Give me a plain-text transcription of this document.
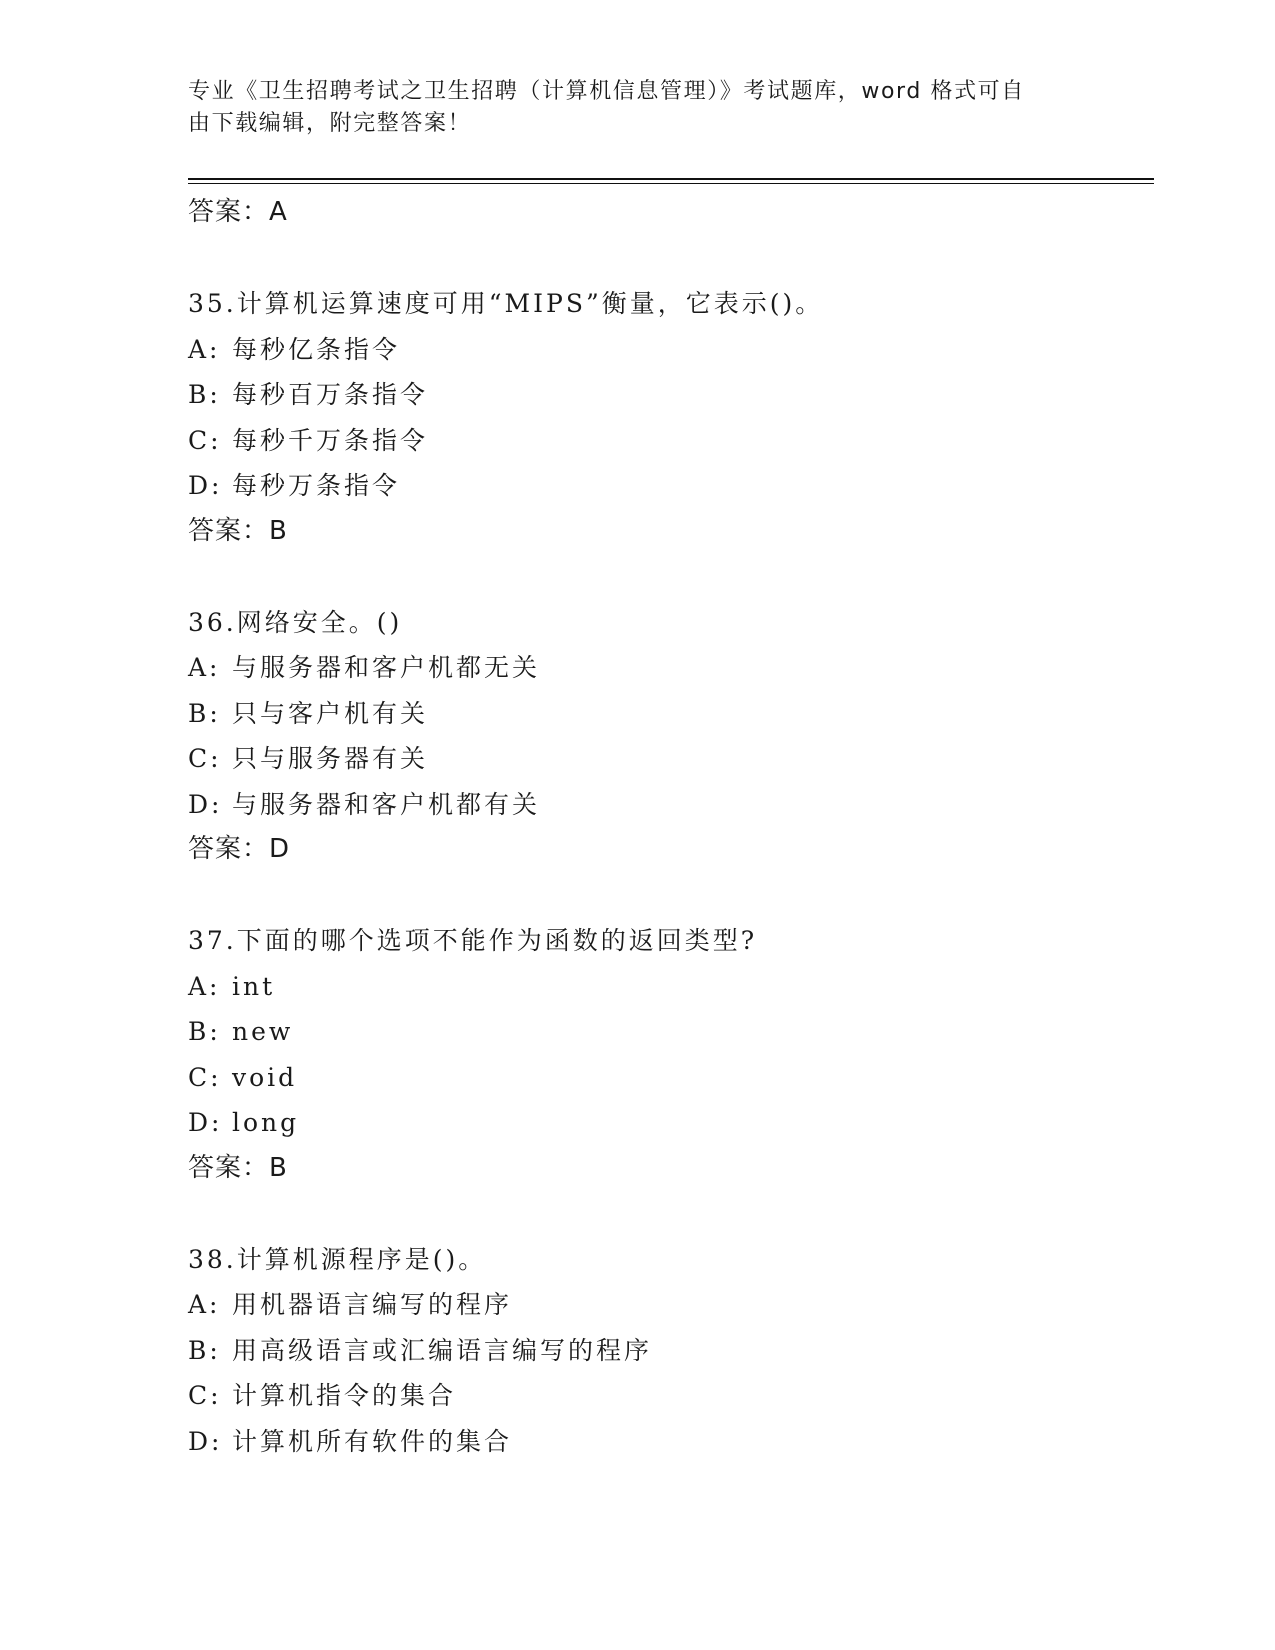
专业《卫生招聘考试之卫生招聘（计算机信息管理）》考试题库，word 格式可自
由下载编辑，附完整答案！
答案：A
35.计算机运算速度可用“MIPS”衡量，它表示()。
A: 每秒亿条指令
B: 每秒百万条指令
C: 每秒千万条指令
D: 每秒万条指令
答案：B
36.网络安全。()
A: 与服务器和客户机都无关
B: 只与客户机有关
C: 只与服务器有关
D: 与服务器和客户机都有关
答案：D
37.下面的哪个选项不能作为函数的返回类型?
A: int
B: new
C: void
D: long
答案：B
38.计算机源程序是()。
A: 用机器语言编写的程序
B: 用高级语言或汇编语言编写的程序
C: 计算机指令的集合
D: 计算机所有软件的集合
